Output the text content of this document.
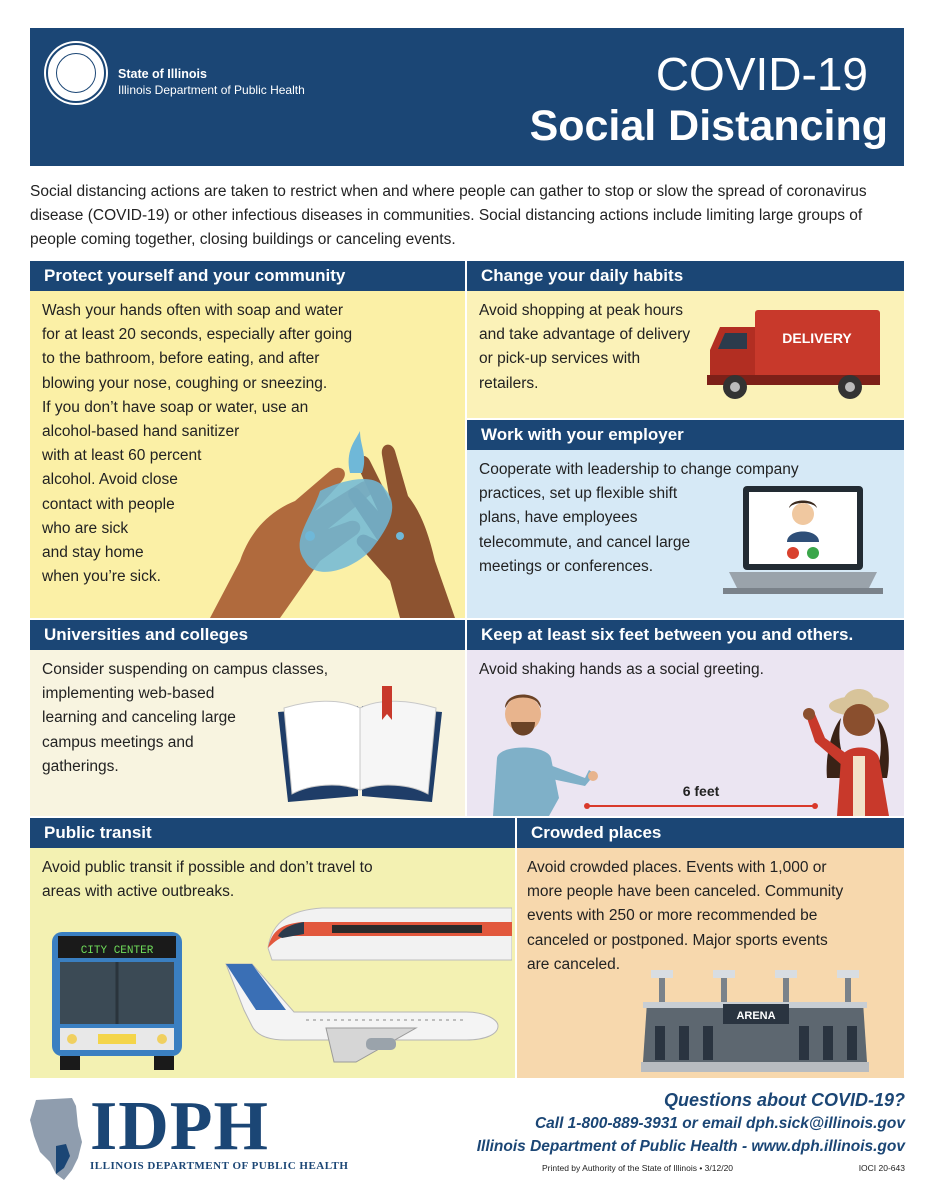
State of Illinois
Illinois Department of Public Health	COVID-19
Social Distancing
Social distancing actions are taken to restrict when and where people can gather to stop or slow the spread of coronavirus disease (COVID-19) or other infectious diseases in communities. Social distancing actions include limiting large groups of people coming together, closing buildings or canceling events.
Protect yourself and your community
Wash your hands often with soap and water
for at least 20 seconds, especially after going
to the bathroom, before eating, and after
blowing your nose, coughing or sneezing.
If you don’t have soap or water, use an
alcohol-based hand sanitizer
with at least 60 percent
alcohol. Avoid close
contact with people
who are sick
and stay home
when you’re sick.
Change your daily habits
Avoid shopping at peak hours
and take advantage of delivery
or pick-up services with
retailers.
DELIVERY
Work with your employer
Cooperate with leadership to change company
practices, set up flexible shift
plans, have employees
telecommute, and cancel large
meetings or conferences.
Universities and colleges
Consider suspending on campus classes,
implementing web-based
learning and canceling large
campus meetings and
gatherings.
Keep at least six feet between you and others.
Avoid shaking hands as a social greeting.
6 feet
Public transit
Avoid public transit if possible and don’t travel to
areas with active outbreaks.
CITY CENTER
Crowded places
Avoid crowded places. Events with 1,000 or
more people have been canceled. Community
events with 250 or more recommended be
canceled or postponed. Major sports events
are canceled.
ARENA
IDPH
ILLINOIS DEPARTMENT OF PUBLIC HEALTH
Questions about COVID-19?
Call 1-800-889-3931 or email dph.sick@illinois.gov
Illinois Department of Public Health - www.dph.illinois.gov
Printed by Authority of the State of Illinois • 3/12/20	IOCI 20-643
